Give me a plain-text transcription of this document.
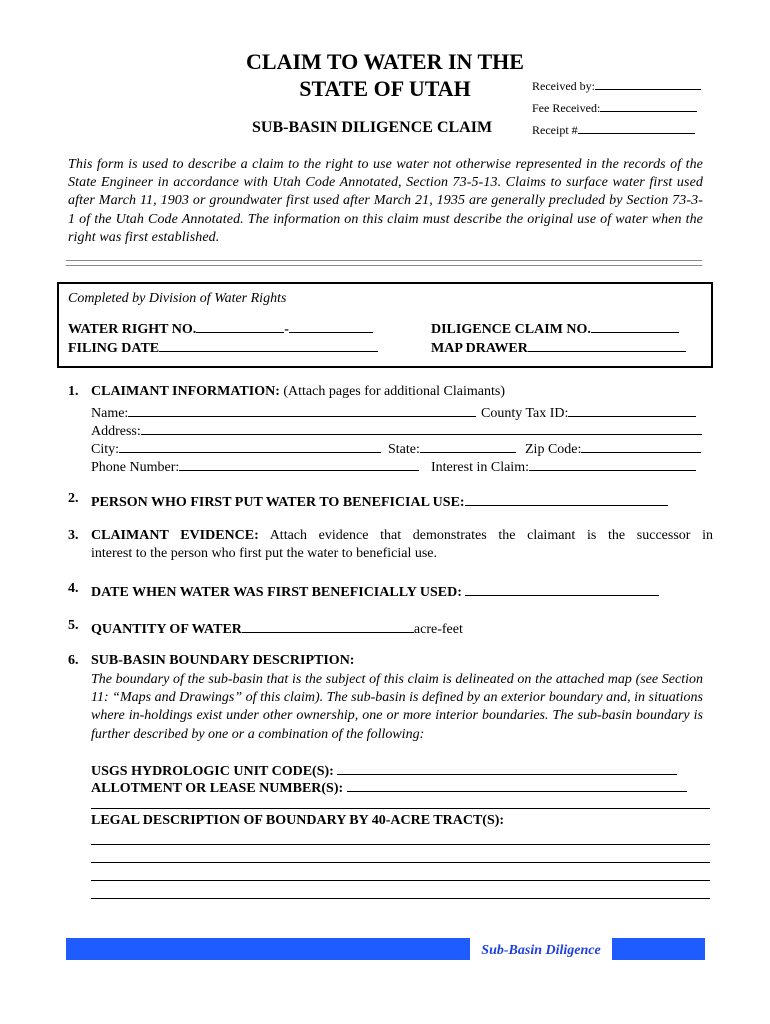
CLAIM TO WATER IN THE
STATE OF UTAH
SUB-BASIN DILIGENCE CLAIM
Received by:
Fee Received:
Receipt #
This form is used to describe a claim to the right to use water not otherwise represented in the records of the State Engineer in accordance with Utah Code Annotated, Section 73-5-13. Claims to surface water first used after March 11, 1903 or groundwater first used after March 21, 1935 are generally precluded by Section 73-3-1 of the Utah Code Annotated. The information on this claim must describe the original use of water when the right was first established.
Completed by Division of Water Rights
WATER RIGHT NO.	-
FILING DATE
DILIGENCE CLAIM NO.
MAP DRAWER
1. CLAIMANT INFORMATION: (Attach pages for additional Claimants)
Name:	County Tax ID:
Address:
City:	State:	Zip Code:
Phone Number:	Interest in Claim:
2. PERSON WHO FIRST PUT WATER TO BENEFICIAL USE:
3. CLAIMANT EVIDENCE: Attach evidence that demonstrates the claimant is the successor in
interest to the person who first put the water to beneficial use.
4. DATE WHEN WATER WAS FIRST BENEFICIALLY USED:
5. QUANTITY OF WATER	acre-feet
6. SUB-BASIN BOUNDARY DESCRIPTION:
The boundary of the sub-basin that is the subject of this claim is delineated on the attached map (see Section 11: “Maps and Drawings” of this claim). The sub-basin is defined by an exterior boundary and, in situations where in-holdings exist under other ownership, one or more interior boundaries. The sub-basin boundary is further described by one or a combination of the following:
USGS HYDROLOGIC UNIT CODE(S):
ALLOTMENT OR LEASE NUMBER(S):
LEGAL DESCRIPTION OF BOUNDARY BY 40-ACRE TRACT(S):
Sub-Basin Diligence
